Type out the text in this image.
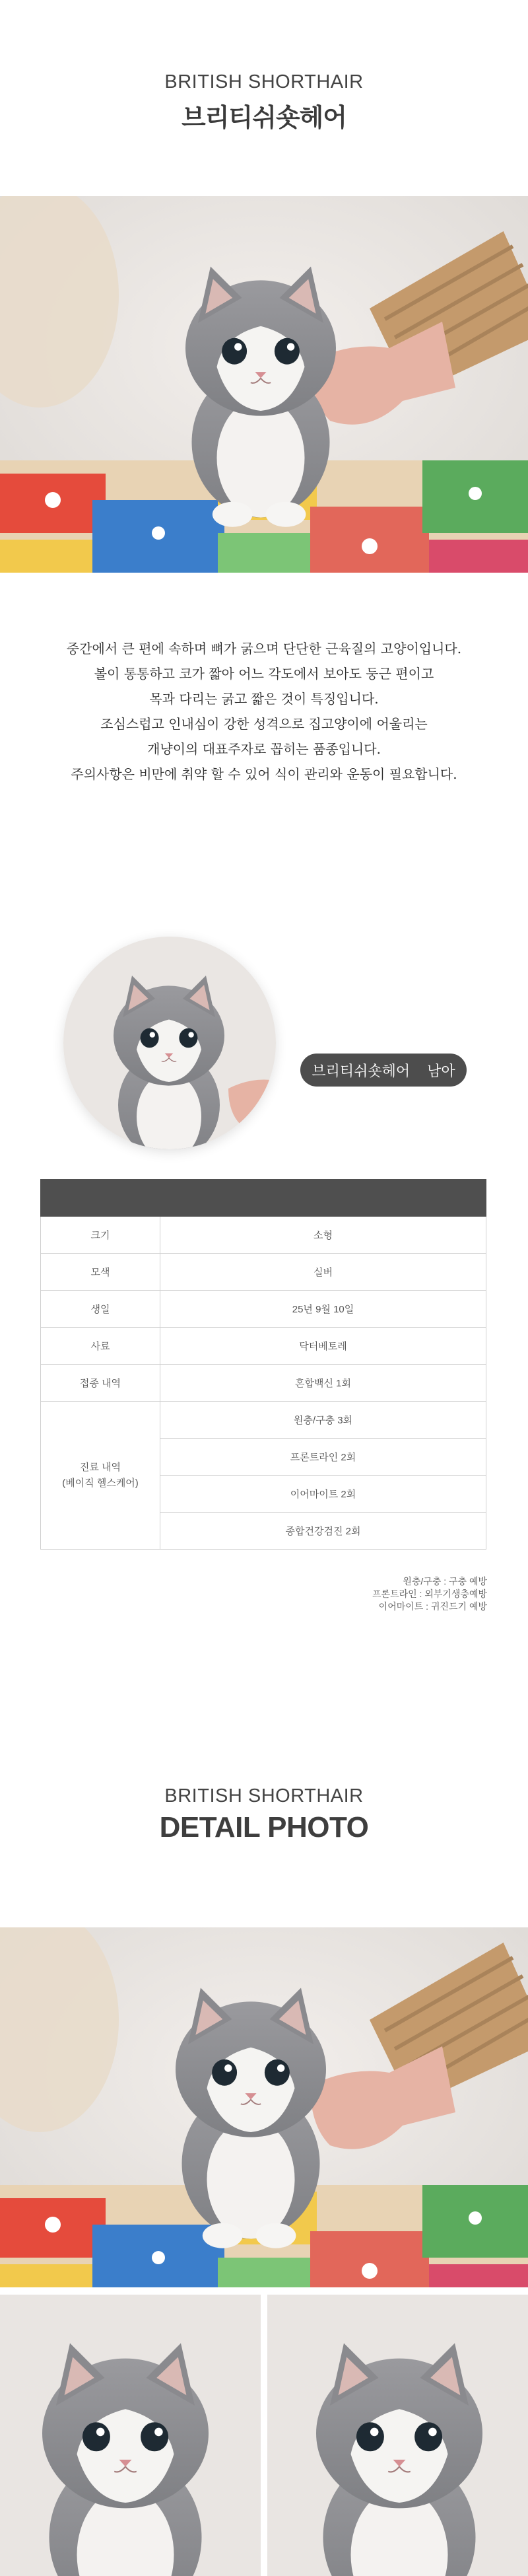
BRITISH SHORTHAIR
브리티쉬숏헤어

중간에서 큰 편에 속하며 뼈가 굵으며 단단한 근육질의 고양이입니다.

볼이 통통하고 코가 짧아 어느 각도에서 보아도 둥근 편이고

목과 다리는 굵고 짧은 것이 특징입니다.

조심스럽고 인내심이 강한 성격으로 집고양이에 어울리는

개냥이의 대표주자로 꼽히는 품종입니다.

주의사항은 비만에 취약 할 수 있어 식이 관리와 운동이 필요합니다.

브리티쉬숏헤어 남아

크기	소형
모색	실버
생일	25년 9월 10일
사료	닥터베토레
접종 내역	혼합백신 1회

진료 내역
(베이직 헬스케어)	원충/구충 3회
	프론트라인 2회
	이어마이트 2회
	종합건강검진 2회
원충/구충 : 구충 예방
프론트라인 : 외부기생충예방
이어마이트 : 귀진드기 예방
BRITISH SHORTHAIR
DETAIL PHOTO
